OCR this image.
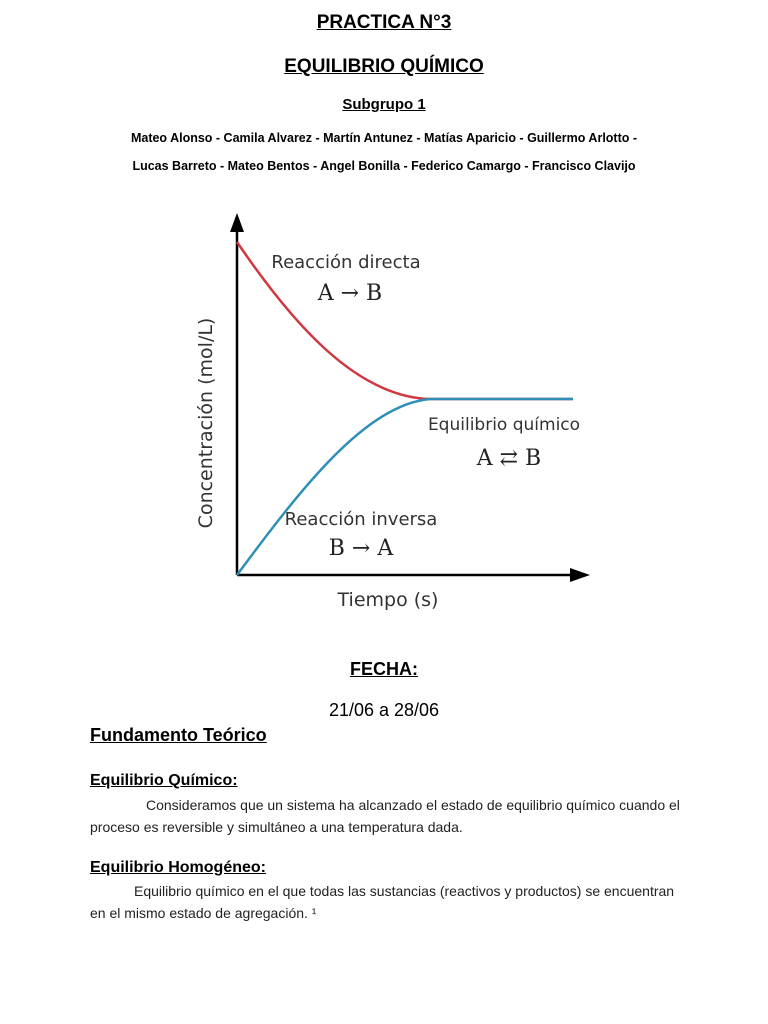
PRACTICA N°3
EQUILIBRIO QUÍMICO
Subgrupo 1
Mateo Alonso - Camila Alvarez - Martín Antunez - Matías Aparicio - Guillermo Arlotto -
Lucas Barreto - Mateo Bentos - Angel Bonilla - Federico Camargo - Francisco Clavijo
Concentración (mol/L)
Tiempo (s)
Reacción directa
A → B
Equilibrio químico
A ⇄ B
Reacción inversa
B → A
FECHA:
21/06 a 28/06
Fundamento Teórico
Equilibrio Químico:
Consideramos que un sistema ha alcanzado el estado de equilibrio químico cuando el proceso es reversible y simultáneo a una temperatura dada.
Equilibrio Homogéneo:
Equilibrio químico en el que todas las sustancias (reactivos y productos) se encuentran en el mismo estado de agregación. ¹
